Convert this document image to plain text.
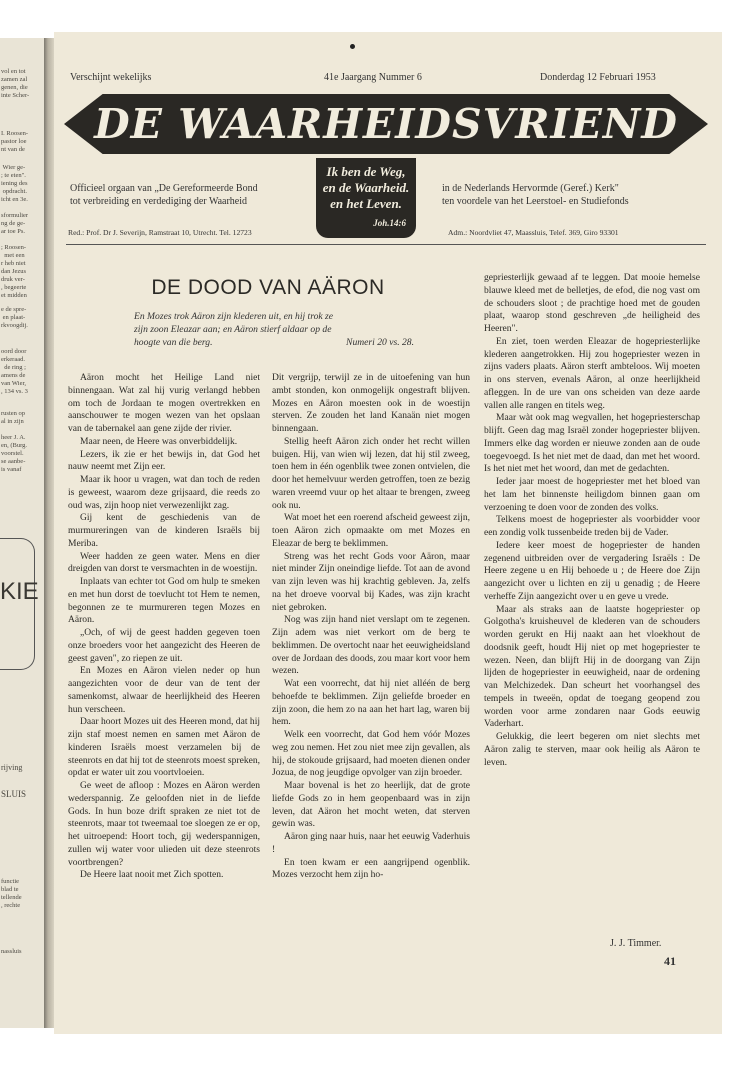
vol en tot
zamen zal
genen, die
inte Scher-
I. Roosen-
pastor loe
nt van de
Wier ge-
; te eten".
iening des
opdracht.
icht en 3e.
sformulier
ng de ge-
ar toe Ps.
; Roosen-
met een
r heb niet
dan Jezus
druk ver-
, begeerte
et midden
e de spre-
en plaat-
rkvoogdij.
oord door
erkeraad.
de ring ;
amens de
van Wier,
, 134 vs. 3
rusten op
al in zijn
heer J. A.
en, (Burg.
voorstel.
se aanbe-
is vanaf
KIE
rijving
SLUIS
functie
blad te
tellende
, rechte
nassluis
Verschijnt wekelijks	41e Jaargang Nummer 6	Donderdag 12 Februari 1953
DE WAARHEIDSVRIEND
Officieel orgaan van „De Gereformeerde Bond
tot verbreiding en verdediging der Waarheid
Ik ben de Weg,
en de Waarheid.
en het Leven.
Joh.14:6
in de Nederlands Hervormde (Geref.) Kerk"
ten voordele van het Leerstoel- en Studiefonds
Red.: Prof. Dr J. Severijn, Ramstraat 10, Utrecht. Tel. 12723	Adm.: Noordvliet 47, Maassluis, Telef. 369, Giro 93301
DE DOOD VAN AÄRON
En Mozes trok Aäron zijn klederen uit, en hij trok ze
zijn zoon Eleazar aan; en Aäron stierf aldaar op de
hoogte van die berg.	Numeri 20 vs. 28.

Aäron mocht het Heilige Land niet binnengaan. Wat zal hij vurig verlangd hebben om toch de Jordaan te mogen overtrekken en aanschouwer te mogen wezen van het opslaan van de tabernakel aan gene zijde der rivier.

Maar neen, de Heere was onverbiddelijk.

Lezers, ik zie er het bewijs in, dat God het nauw neemt met Zijn eer.

Maar ik hoor u vragen, wat dan toch de reden is geweest, waarom deze grijsaard, die reeds zo oud was, zijn hoop niet verwezenlijkt zag.

Gij kent de geschiedenis van de murmureringen van de kinderen Israëls bij Meriba.

Weer hadden ze geen water. Mens en dier dreigden van dorst te versmachten in de woestijn.

Inplaats van echter tot God om hulp te smeken en met hun dorst de toevlucht tot Hem te nemen, begonnen ze te murmureren tegen Mozes en Aäron.

„Och, of wij de geest hadden gegeven toen onze broeders voor het aangezicht des Heeren de geest gaven", zo riepen ze uit.

En Mozes en Aäron vielen neder op hun aangezichten voor de deur van de tent der samenkomst, alwaar de heerlijkheid des Heeren hun verscheen.

Daar hoort Mozes uit des Heeren mond, dat hij zijn staf moest nemen en samen met Aäron de kinderen Israëls moest verzamelen bij de steenrots en dat hij tot de steenrots moest spreken, opdat er water uit zou voortvloeien.

Ge weet de afloop : Mozes en Aäron werden wederspannig. Ze geloofden niet in de liefde Gods. In hun boze drift spraken ze niet tot de steenrots, maar tot tweemaal toe sloegen ze er op, het uitroepend: Hoort toch, gij wederspannigen, zullen wij water voor ulieden uit deze steenrots voortbrengen?

De Heere laat nooit met Zich spotten.

Dit vergrijp, terwijl ze in de uitoefening van hun ambt stonden, kon onmogelijk ongestraft blijven. Mozes en Aäron moesten ook in de woestijn sterven. Ze zouden het land Kanaän niet mogen binnengaan.

Stellig heeft Aäron zich onder het recht willen buigen. Hij, van wien wij lezen, dat hij stil zweeg, toen hem in één ogenblik twee zonen ontvielen, die door het hemelvuur werden getroffen, toen ze bezig waren vreemd vuur op het altaar te brengen, zweeg ook nu.

Wat moet het een roerend afscheid geweest zijn, toen Aäron zich opmaakte om met Mozes en Eleazar de berg te beklimmen.

Streng was het recht Gods voor Aäron, maar niet minder Zijn oneindige liefde. Tot aan de avond van zijn leven was hij krachtig gebleven. Ja, zelfs na het droeve voorval bij Kades, was zijn kracht niet gebroken.

Nog was zijn hand niet verslapt om te zegenen. Zijn adem was niet verkort om de berg te beklimmen. De overtocht naar het eeuwigheidsland over de Jordaan des doods, zou maar kort voor hem wezen.

Wat een voorrecht, dat hij niet alléén de berg behoefde te beklimmen. Zijn geliefde broeder en zijn zoon, die hem zo na aan het hart lag, waren bij hem.

Welk een voorrecht, dat God hem vóór Mozes weg zou nemen. Het zou niet mee zijn gevallen, als hij, de stokoude grijsaard, had moeten dienen onder Jozua, de nog jeugdige opvolger van zijn broeder.

Maar bovenal is het zo heerlijk, dat de grote liefde Gods zo in hem geopenbaard was in zijn leven, dat Aäron het mocht weten, dat sterven gewin was.

Aäron ging naar huis, naar het eeuwig Vaderhuis !

En toen kwam er een aangrijpend ogenblik. Mozes verzocht hem zijn ho-

gepriesterlijk gewaad af te leggen. Dat mooie hemelse blauwe kleed met de belletjes, de efod, die nog vast om de schouders sloot ; de prachtige hoed met de gouden plaat, waarop stond geschreven „de heiligheid des Heeren".

En ziet, toen werden Eleazar de hogepriesterlijke klederen aangetrokken. Hij zou hogepriester wezen in zijns vaders plaats. Aäron sterft ambteloos. Wij moeten in ons sterven, evenals Aäron, al onze heerlijkheid afleggen. In de ure van ons scheiden van deze aarde vallen alle rangen en titels weg.

Maar wàt ook mag wegvallen, het hogepriesterschap blijft. Geen dag mag Israël zonder hogepriester blijven. Immers elke dag worden er nieuwe zonden aan de oude toegevoegd. Is het niet met de daad, dan met het woord. Is het niet met het woord, dan met de gedachten.

Ieder jaar moest de hogepriester met het bloed van het lam het binnenste heiligdom binnen gaan om verzoening te doen voor de zonden des volks.

Telkens moest de hogepriester als voorbidder voor een zondig volk tussenbeide treden bij de Vader.

Iedere keer moest de hogepriester de handen zegenend uitbreiden over de vergadering Israëls : De Heere zegene u en Hij behoede u ; de Heere doe Zijn aangezicht over u lichten en zij u genadig ; de Heere verheffe Zijn aangezicht over u en geve u vrede.

Maar als straks aan de laatste hogepriester op Golgotha's kruisheuvel de klederen van de schouders worden gerukt en Hij naakt aan het vloekhout de doodsnik geeft, houdt Hij niet op met hogepriester te wezen. Neen, dan blijft Hij in de doorgang van Zijn lijden de hogepriester in eeuwigheid, naar de ordening van Melchizedek. Dan scheurt het voorhangsel des tempels in tweeën, opdat de toegang geopend zou worden voor arme zondaren naar Gods eeuwig Vaderhart.

Gelukkig, die leert begeren om niet slechts met Aäron zalig te sterven, maar ook heilig als Aäron te leven.

J. J. Timmer.
41
